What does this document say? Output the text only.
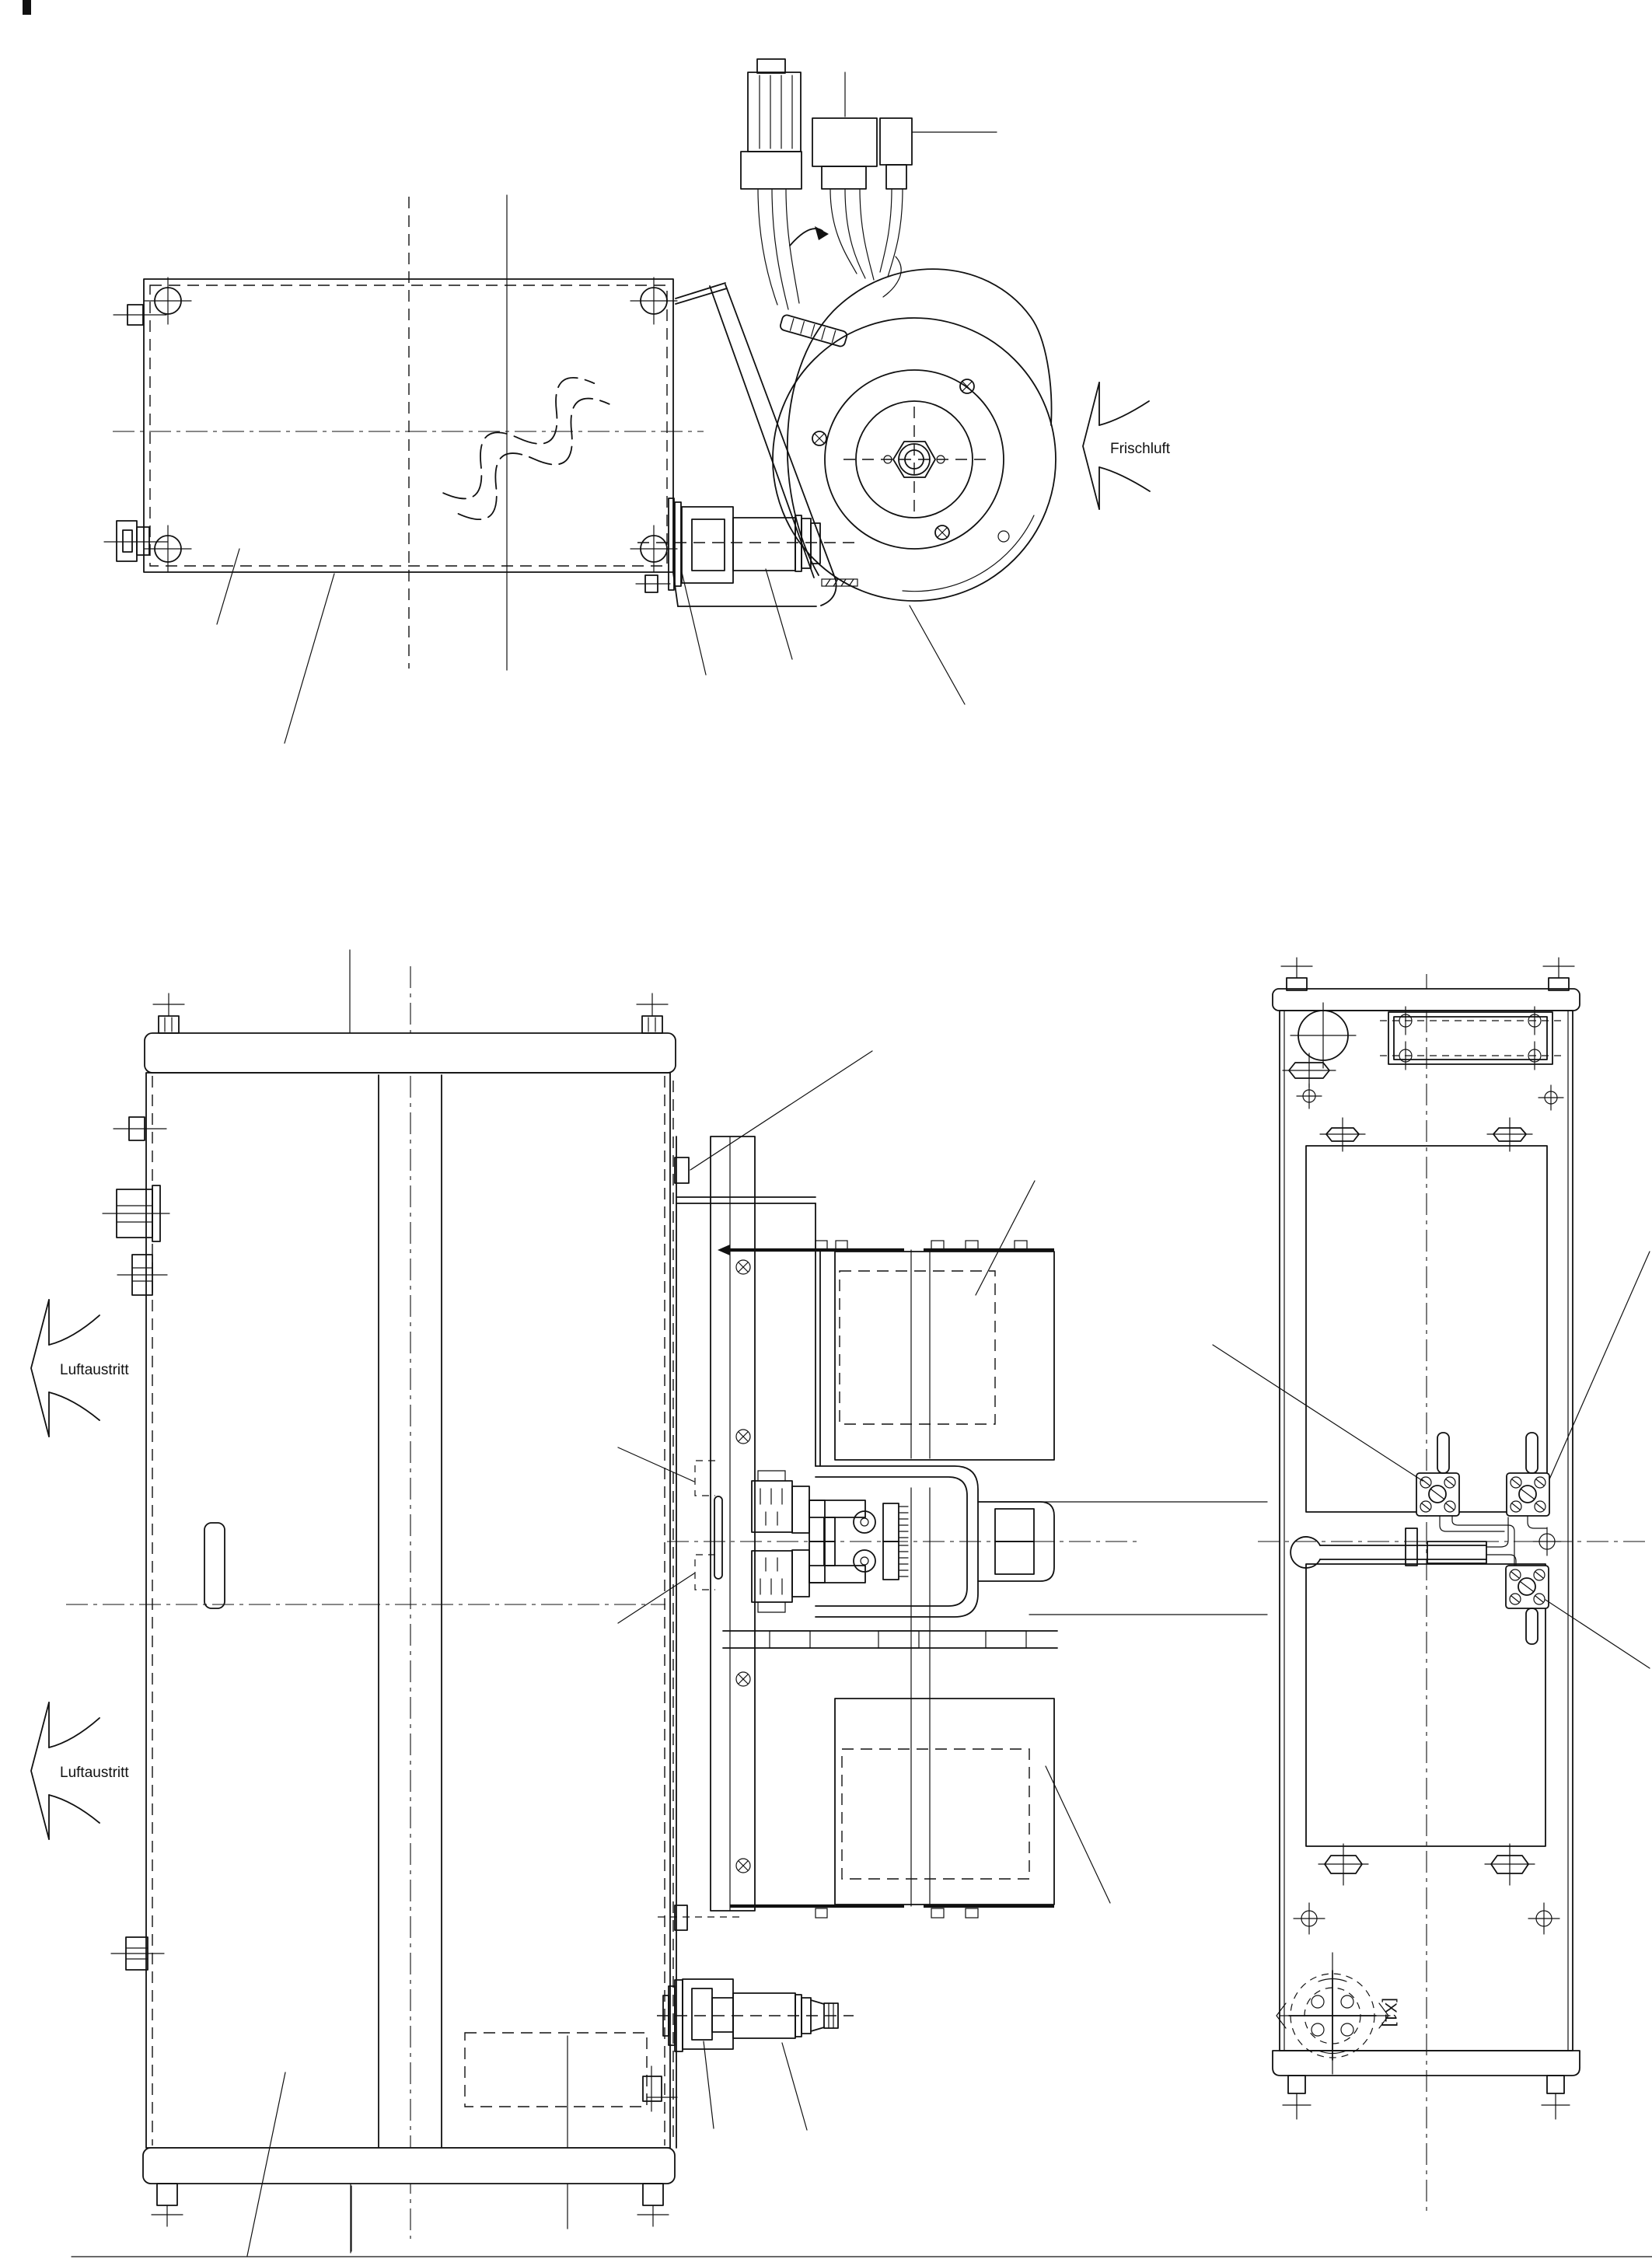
Frischluft
Luftaustritt
Luftaustritt
[X1]
